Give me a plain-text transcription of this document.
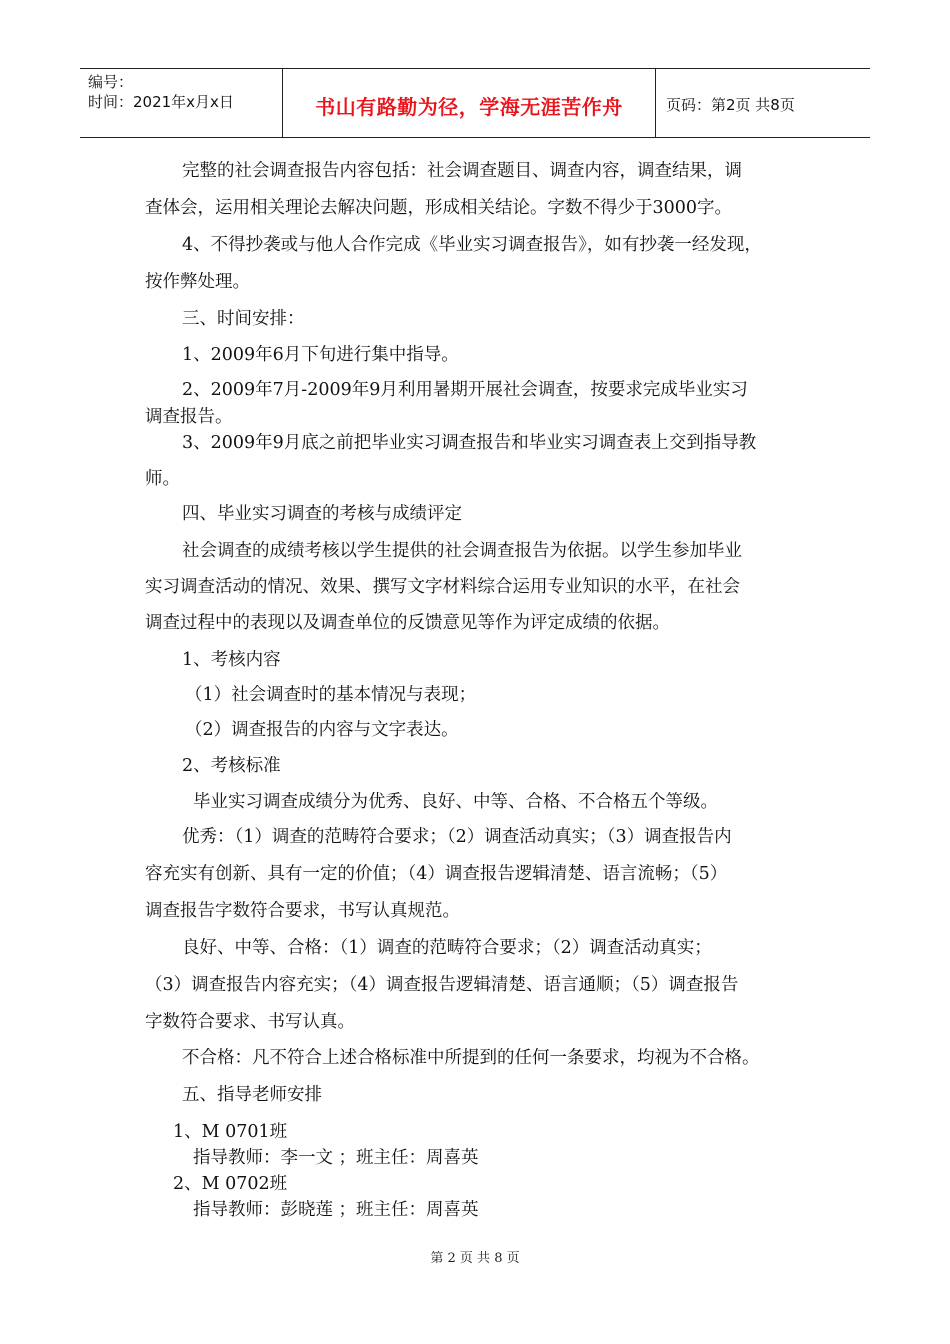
编号：
时间：2021年x月x日	书山有路勤为径，学海无涯苦作舟	页码：第2页 共8页
完整的社会调查报告内容包括：社会调查题目、调查内容，调查结果，调
查体会，运用相关理论去解决问题，形成相关结论。字数不得少于3000字。
4、不得抄袭或与他人合作完成《毕业实习调查报告》，如有抄袭一经发现，
按作弊处理。
三、时间安排：
1、2009年6月下旬进行集中指导。
2、2009年7月-2009年9月利用暑期开展社会调查，按要求完成毕业实习
调查报告。
3、2009年9月底之前把毕业实习调查报告和毕业实习调查表上交到指导教
师。
四、毕业实习调查的考核与成绩评定
社会调查的成绩考核以学生提供的社会调查报告为依据。以学生参加毕业
实习调查活动的情况、效果、撰写文字材料综合运用专业知识的水平，在社会
调查过程中的表现以及调查单位的反馈意见等作为评定成绩的依据。
1、考核内容
（1）社会调查时的基本情况与表现；
（2）调查报告的内容与文字表达。
2、考核标准
毕业实习调查成绩分为优秀、良好、中等、合格、不合格五个等级。
优秀：（1）调查的范畴符合要求；（2）调查活动真实；（3）调查报告内
容充实有创新、具有一定的价值；（4）调查报告逻辑清楚、语言流畅；（5）
调查报告字数符合要求，书写认真规范。
良好、中等、合格：（1）调查的范畴符合要求；（2）调查活动真实；
（3）调查报告内容充实；（4）调查报告逻辑清楚、语言通顺；（5）调查报告
字数符合要求、书写认真。
不合格：凡不符合上述合格标准中所提到的任何一条要求，均视为不合格。
五、指导老师安排
1、M 0701班
指导教师：李一文 ；班主任：周喜英
2、M 0702班
指导教师：彭晓莲 ；班主任：周喜英
第 2 页 共 8 页
